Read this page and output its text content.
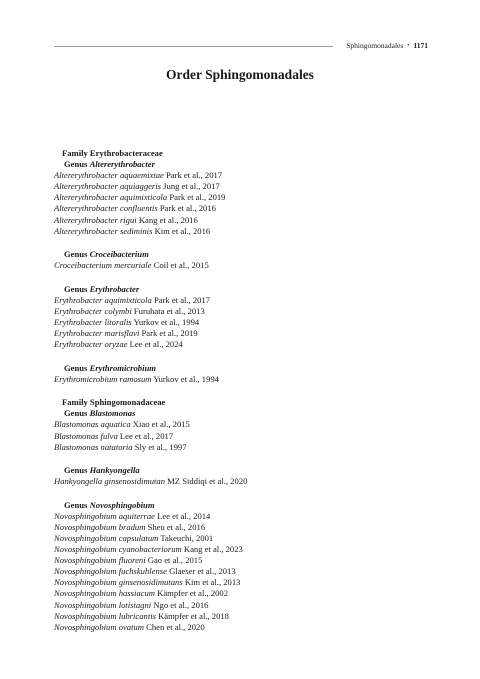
Sphingomonadales • 1171
Order Sphingomonadales
Family Erythrobacteraceae
Genus Altererythrobacter
Altererythrobacter aquaemixtae Park et al., 2017
Altererythrobacter aquiaggeris Jung et al., 2017
Altererythrobacter aquimixticola Park et al., 2019
Altererythrobacter confluentis Park et al., 2016
Altererythrobacter rigui Kang et al., 2016
Altererythrobacter sediminis Kim et al., 2016
Genus Croceibacterium
Croceibacterium mercuriale Coil et al., 2015
Genus Erythrobacter
Erythrobacter aquimixticola Park et al., 2017
Erythrobacter colymbi Furuhata et al., 2013
Erythrobacter litoralis Yurkov et al., 1994
Erythrobacter marisflavi Park et al., 2019
Erythrobacter oryzae Lee et al., 2024
Genus Erythromicrobium
Erythromicrobium ramosum Yurkov et al., 1994
Family Sphingomonadaceae
Genus Blastomonas
Blastomonas aquatica Xiao et al., 2015
Blastomonas fulva Lee et al., 2017
Blastomonas natatoria Sly et al., 1997
Genus Hankyongella
Hankyongella ginsenosidimutan MZ Siddiqi et al., 2020
Genus Novosphingobium
Novosphingobium aquiterrae Lee et al., 2014
Novosphingobium bradum Sheu et al., 2016
Novosphingobium capsulatum Takeuchi, 2001
Novosphingobium cyanobacteriorum Kang et al., 2023
Novosphingobium fluoreni Gao et al., 2015
Novosphingobium fuchskuhlense Glaeser et al., 2013
Novosphingobium ginsenosidimutans Kim et al., 2013
Novosphingobium hassiacum Kämpfer et al., 2002
Novosphingobium lotistagni Ngo et al., 2016
Novosphingobium lubricantis Kämpfer et al., 2018
Novosphingobium ovatum Chen et al., 2020
